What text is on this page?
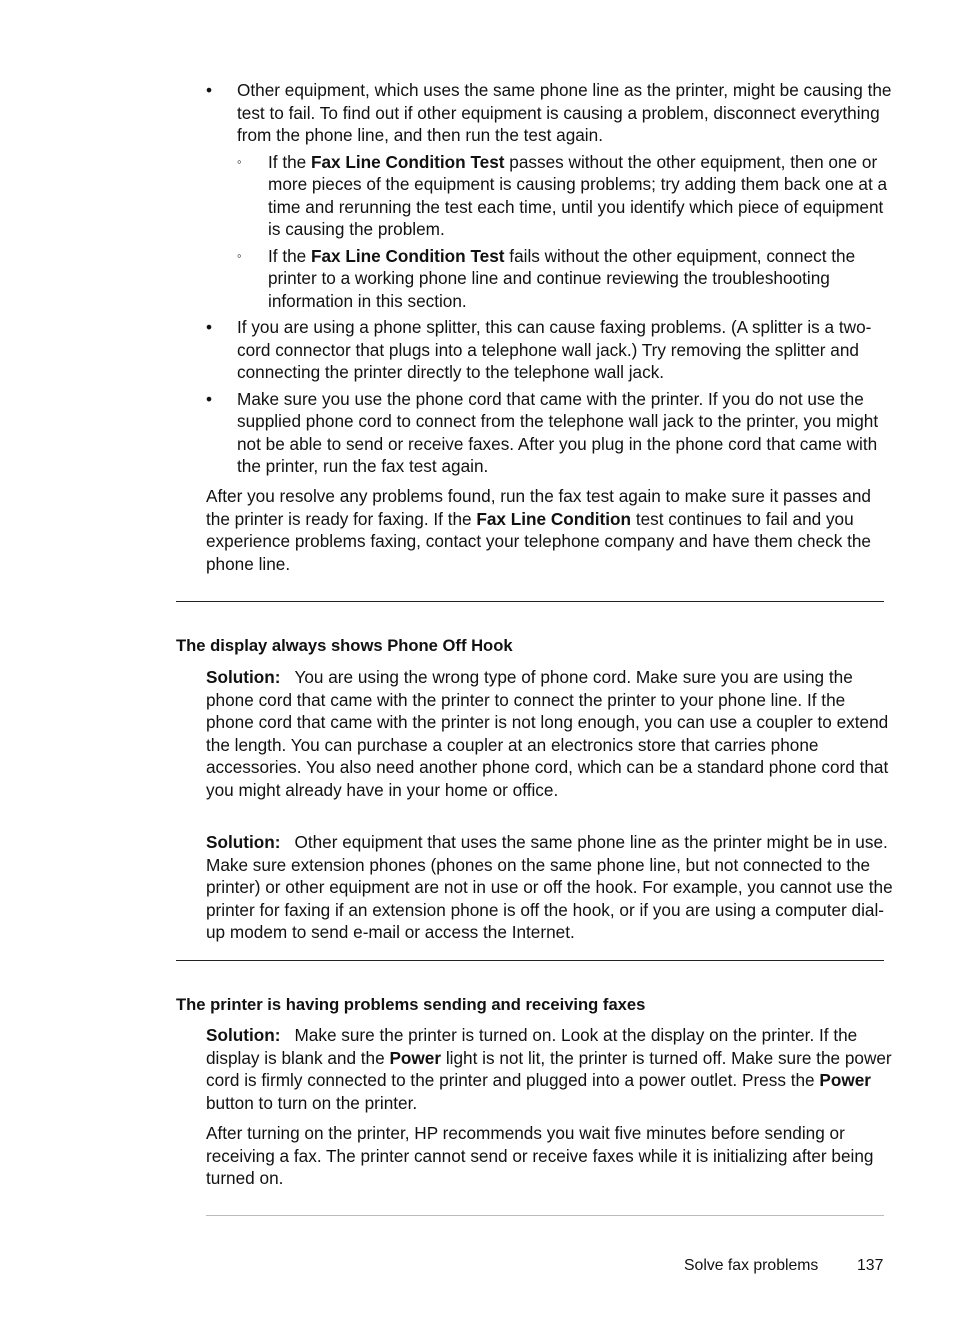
•	Other equipment, which uses the same phone line as the printer, might be causing the test to fail. To find out if other equipment is causing a problem, disconnect everything from the phone line, and then run the test again.

◦	If the Fax Line Condition Test passes without the other equipment, then one or more pieces of the equipment is causing problems; try adding them back one at a time and rerunning the test each time, until you identify which piece of equipment is causing the problem.

◦	If the Fax Line Condition Test fails without the other equipment, connect the printer to a working phone line and continue reviewing the troubleshooting information in this section.

•	If you are using a phone splitter, this can cause faxing problems. (A splitter is a two-cord connector that plugs into a telephone wall jack.) Try removing the splitter and connecting the printer directly to the telephone wall jack.

•	Make sure you use the phone cord that came with the printer. If you do not use the supplied phone cord to connect from the telephone wall jack to the printer, you might not be able to send or receive faxes. After you plug in the phone cord that came with the printer, run the fax test again.

After you resolve any problems found, run the fax test again to make sure it passes and the printer is ready for faxing. If the Fax Line Condition test continues to fail and you experience problems faxing, contact your telephone company and have them check the phone line.

The display always shows Phone Off Hook

Solution: You are using the wrong type of phone cord. Make sure you are using the phone cord that came with the printer to connect the printer to your phone line. If the phone cord that came with the printer is not long enough, you can use a coupler to extend the length. You can purchase a coupler at an electronics store that carries phone accessories. You also need another phone cord, which can be a standard phone cord that you might already have in your home or office.

Solution: Other equipment that uses the same phone line as the printer might be in use. Make sure extension phones (phones on the same phone line, but not connected to the printer) or other equipment are not in use or off the hook. For example, you cannot use the printer for faxing if an extension phone is off the hook, or if you are using a computer dial-up modem to send e-mail or access the Internet.

The printer is having problems sending and receiving faxes

Solution: Make sure the printer is turned on. Look at the display on the printer. If the display is blank and the Power light is not lit, the printer is turned off. Make sure the power cord is firmly connected to the printer and plugged into a power outlet. Press the Power button to turn on the printer.

After turning on the printer, HP recommends you wait five minutes before sending or receiving a fax. The printer cannot send or receive faxes while it is initializing after being turned on.

Solve fax problems 137
